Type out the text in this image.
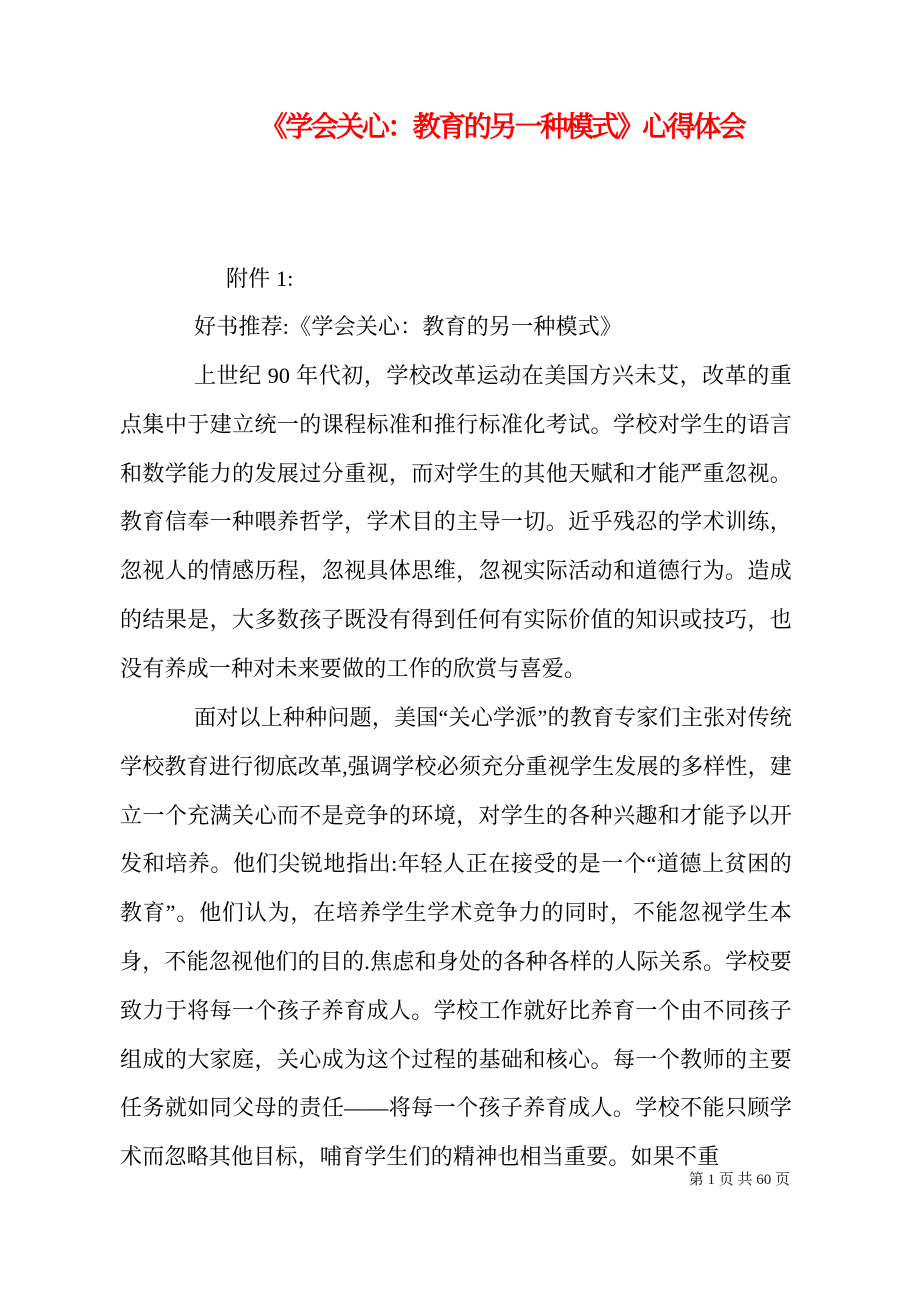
《学会关心：教育的另一种模式》心得体会
附件 1:
好书推荐:《学会关心：教育的另一种模式》
上世纪 90 年代初，学校改革运动在美国方兴未艾，改革的重点集中于建立统一的课程标准和推行标准化考试。学校对学生的语言和数学能力的发展过分重视，而对学生的其他天赋和才能严重忽视。教育信奉一种喂养哲学，学术目的主导一切。近乎残忍的学术训练，忽视人的情感历程，忽视具体思维，忽视实际活动和道德行为。造成的结果是，大多数孩子既没有得到任何有实际价值的知识或技巧，也没有养成一种对未来要做的工作的欣赏与喜爱。
面对以上种种问题，美国“关心学派”的教育专家们主张对传统学校教育进行彻底改革,强调学校必须充分重视学生发展的多样性，建立一个充满关心而不是竞争的环境，对学生的各种兴趣和才能予以开发和培养。他们尖锐地指出:年轻人正在接受的是一个“道德上贫困的教育”。他们认为，在培养学生学术竞争力的同时，不能忽视学生本身，不能忽视他们的目的.焦虑和身处的各种各样的人际关系。学校要致力于将每一个孩子养育成人。学校工作就好比养育一个由不同孩子组成的大家庭，关心成为这个过程的基础和核心。每一个教师的主要任务就如同父母的责任——将每一个孩子养育成人。学校不能只顾学术而忽略其他目标，哺育学生们的精神也相当重要。如果不重
第 1 页 共 60 页
